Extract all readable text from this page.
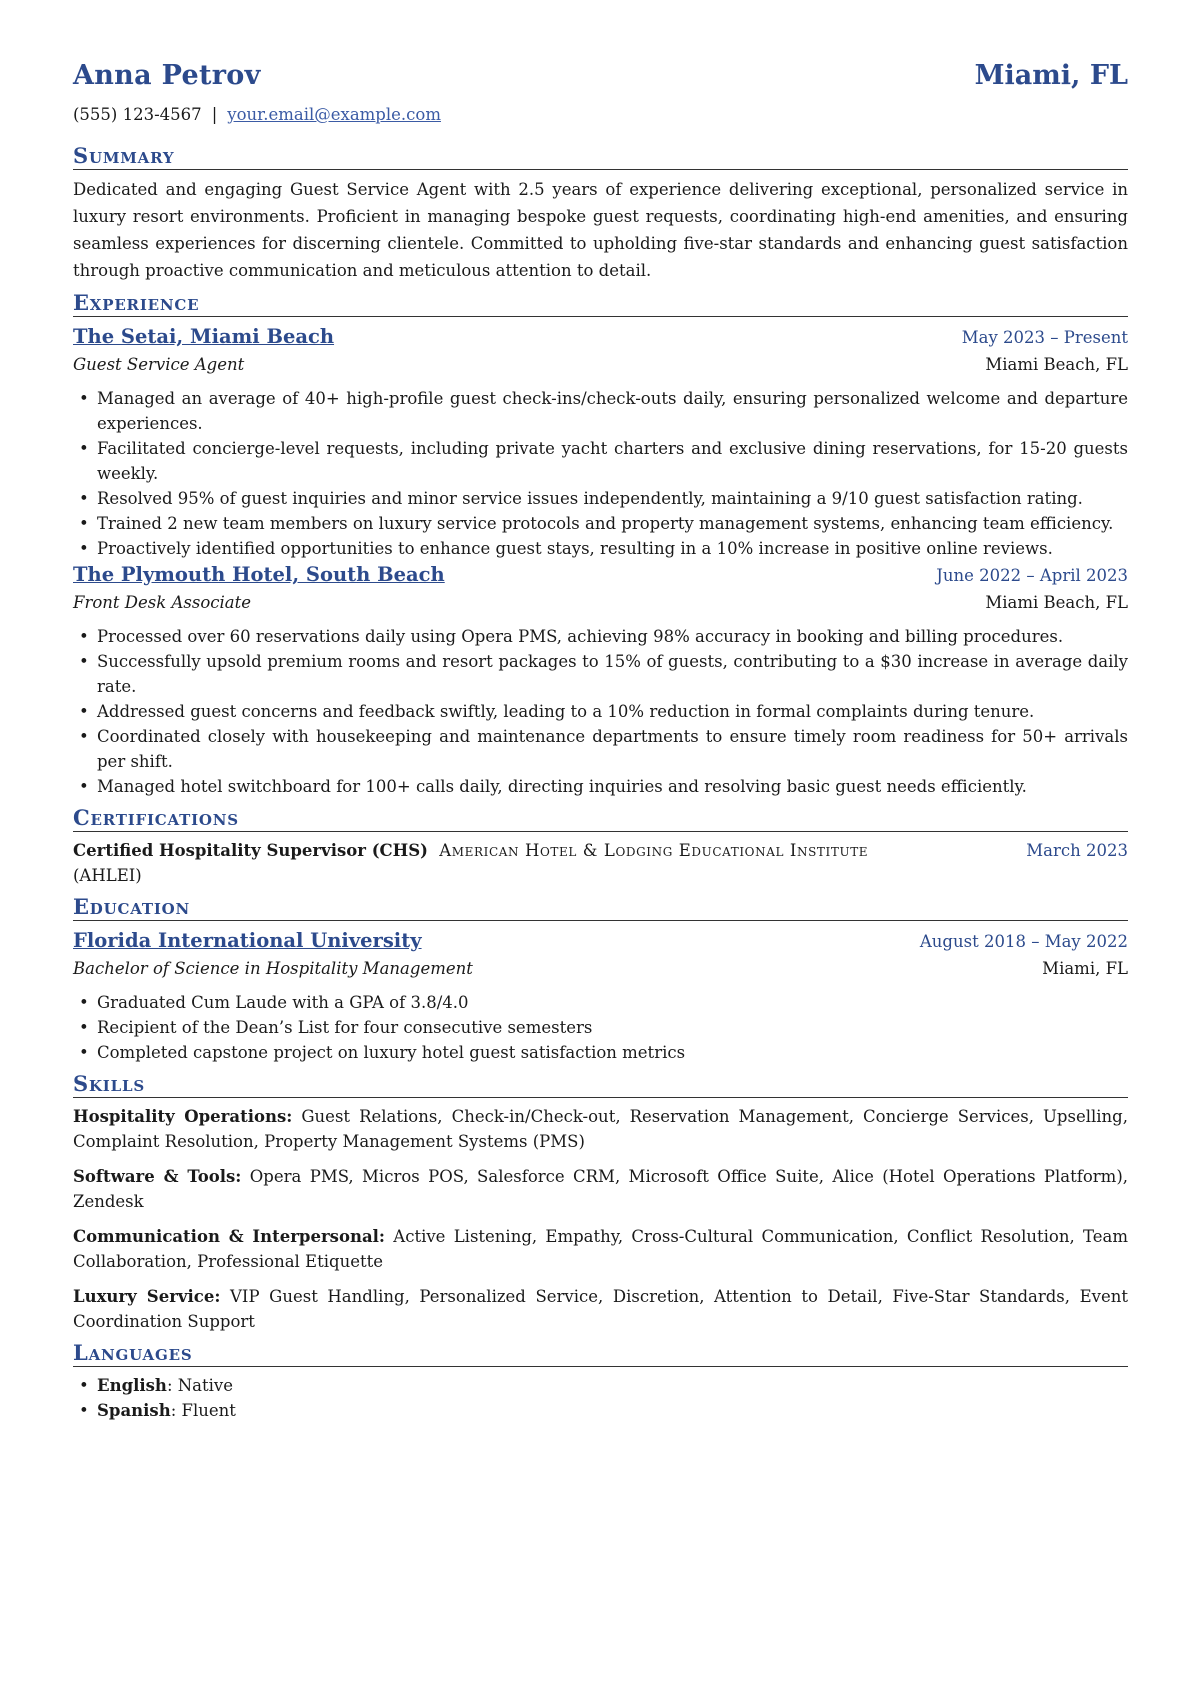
Anna Petrov	Miami, FL
(555) 123-4567 | your.email@example.com
Summary
Dedicated and engaging Guest Service Agent with 2.5 years of experience delivering exceptional, personalized service in luxury resort environments. Proficient in managing bespoke guest requests, coordinating high-end amenities, and ensuring seamless experiences for discerning clientele. Committed to upholding five-star standards and enhancing guest satisfaction through proactive communication and meticulous attention to detail.
Experience
The Setai, Miami Beach	May 2023 – Present
Guest Service Agent	Miami Beach, FL
• Managed an average of 40+ high-profile guest check-ins/check-outs daily, ensuring personalized welcome and departure experiences.
• Facilitated concierge-level requests, including private yacht charters and exclusive dining reservations, for 15-20 guests weekly.
• Resolved 95% of guest inquiries and minor service issues independently, maintaining a 9/10 guest satisfaction rating.
• Trained 2 new team members on luxury service protocols and property management systems, enhancing team efficiency.
• Proactively identified opportunities to enhance guest stays, resulting in a 10% increase in positive online reviews.
The Plymouth Hotel, South Beach	June 2022 – April 2023
Front Desk Associate	Miami Beach, FL
• Processed over 60 reservations daily using Opera PMS, achieving 98% accuracy in booking and billing procedures.
• Successfully upsold premium rooms and resort packages to 15% of guests, contributing to a $30 increase in average daily rate.
• Addressed guest concerns and feedback swiftly, leading to a 10% reduction in formal complaints during tenure.
• Coordinated closely with housekeeping and maintenance departments to ensure timely room readiness for 50+ arrivals per shift.
• Managed hotel switchboard for 100+ calls daily, directing inquiries and resolving basic guest needs efficiently.
Certifications
Certified Hospitality Supervisor (CHS) American Hotel & Lodging Educational Institute	March 2023
(AHLEI)
Education
Florida International University	August 2018 – May 2022
Bachelor of Science in Hospitality Management	Miami, FL
• Graduated Cum Laude with a GPA of 3.8/4.0
• Recipient of the Dean’s List for four consecutive semesters
• Completed capstone project on luxury hotel guest satisfaction metrics
Skills
Hospitality Operations: Guest Relations, Check-in/Check-out, Reservation Management, Concierge Services, Upselling, Complaint Resolution, Property Management Systems (PMS)
Software & Tools: Opera PMS, Micros POS, Salesforce CRM, Microsoft Office Suite, Alice (Hotel Operations Platform), Zendesk
Communication & Interpersonal: Active Listening, Empathy, Cross-Cultural Communication, Conflict Resolution, Team Collaboration, Professional Etiquette
Luxury Service: VIP Guest Handling, Personalized Service, Discretion, Attention to Detail, Five-Star Standards, Event Coordination Support
Languages
• English: Native
• Spanish: Fluent
